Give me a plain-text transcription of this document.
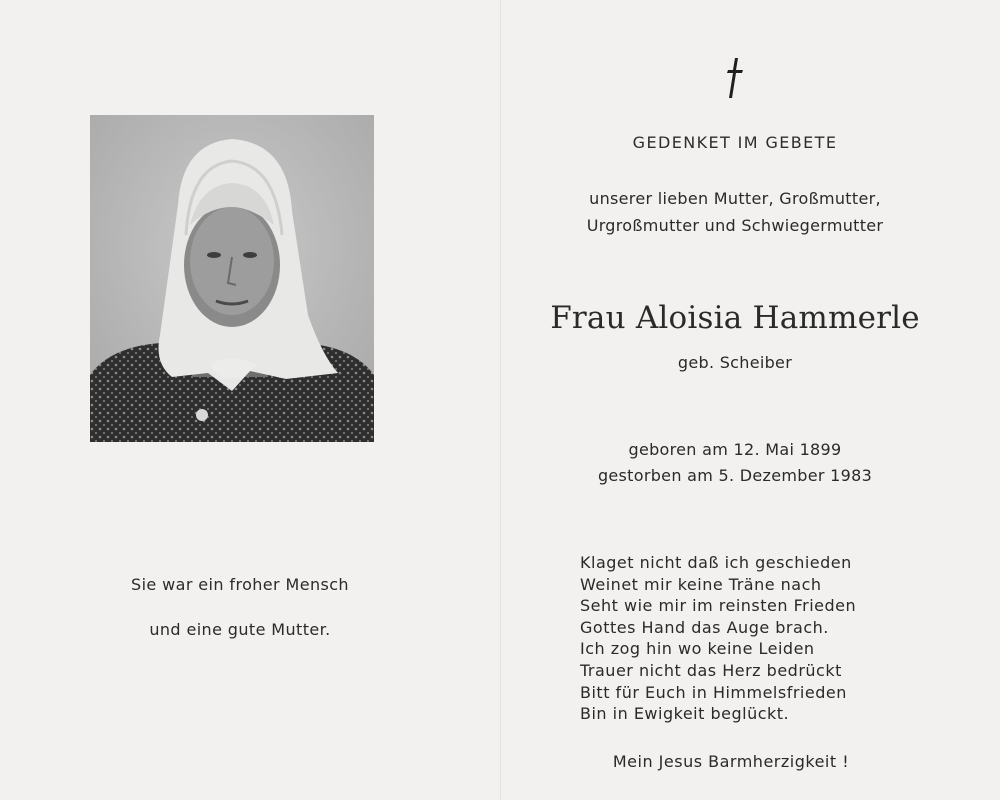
Sie war ein froher Mensch
und eine gute Mutter.
GEDENKET IM GEBETE
unserer lieben Mutter, Großmutter,
Urgroßmutter und Schwiegermutter
Frau Aloisia Hammerle
geb. Scheiber
geboren am 12. Mai 1899
gestorben am 5. Dezember 1983
Klaget nicht daß ich geschieden
Weinet mir keine Träne nach
Seht wie mir im reinsten Frieden
Gottes Hand das Auge brach.
Ich zog hin wo keine Leiden
Trauer nicht das Herz bedrückt
Bitt für Euch in Himmelsfrieden
Bin in Ewigkeit beglückt.
Mein Jesus Barmherzigkeit !
